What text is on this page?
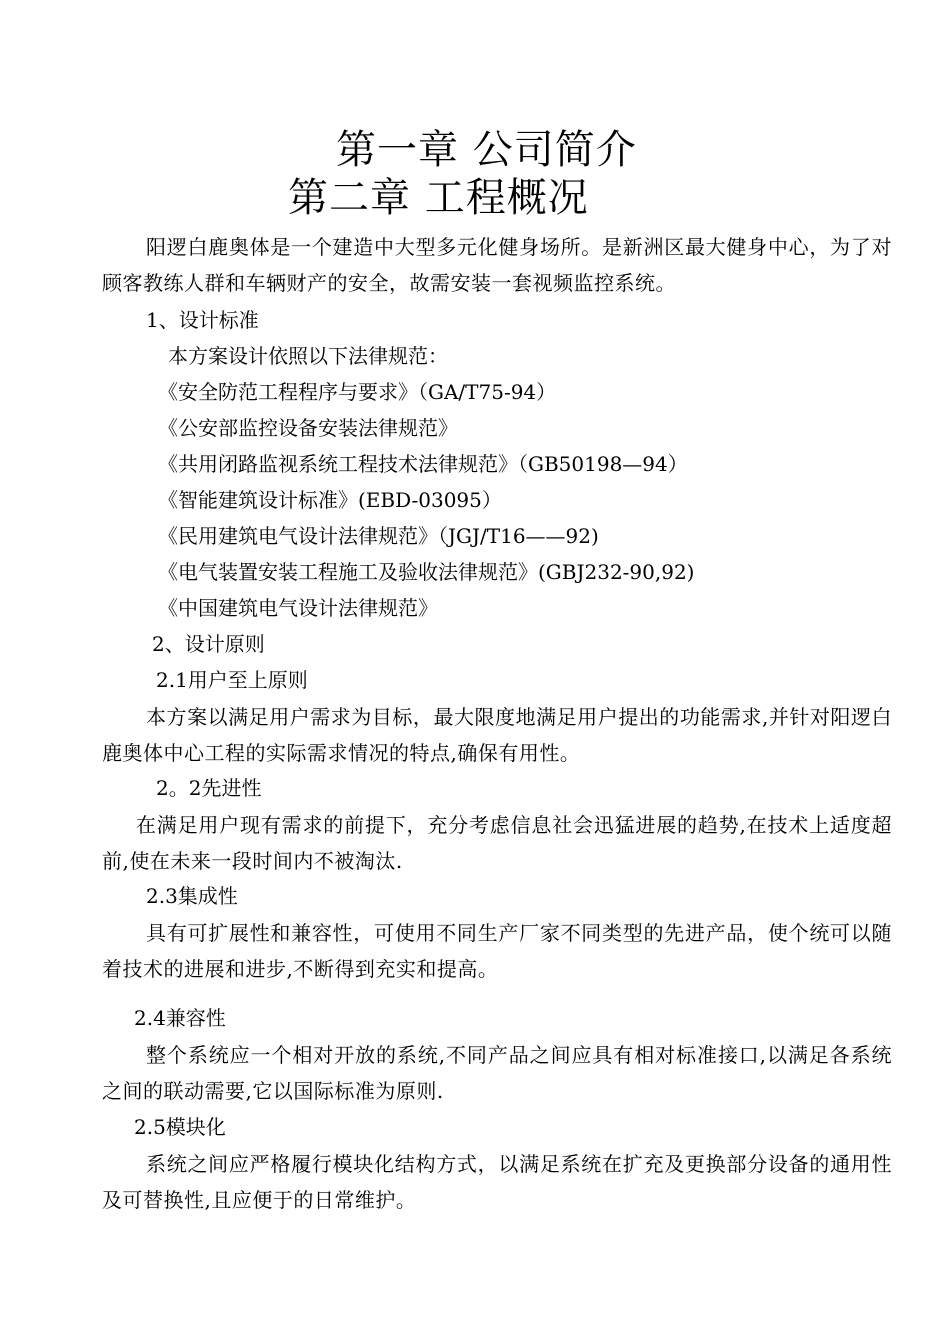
第一章 公司简介
第二章 工程概况
阳逻白鹿奥体是一个建造中大型多元化健身场所。是新洲区最大健身中心，为了对顾客教练人群和车辆财产的安全，故需安装一套视频监控系统。
1、设计标准
本方案设计依照以下法律规范：
《安全防范工程程序与要求》（GA/T75-94）
《公安部监控设备安装法律规范》
《共用闭路监视系统工程技术法律规范》（GB50198—94）
《智能建筑设计标准》(EBD-03095）
《民用建筑电气设计法律规范》（JGJ/T16——92)
《电气装置安装工程施工及验收法律规范》(GBJ232-90,92)
《中国建筑电气设计法律规范》
2、设计原则
2.1用户至上原则
本方案以满足用户需求为目标，最大限度地满足用户提出的功能需求,并针对阳逻白鹿奥体中心工程的实际需求情况的特点,确保有用性。
2。2先进性
在满足用户现有需求的前提下，充分考虑信息社会迅猛进展的趋势,在技术上适度超前,使在未来一段时间内不被淘汰.
2.3集成性
具有可扩展性和兼容性，可使用不同生产厂家不同类型的先进产品，使个统可以随着技术的进展和进步,不断得到充实和提高。
2.4兼容性
整个系统应一个相对开放的系统,不同产品之间应具有相对标准接口,以满足各系统之间的联动需要,它以国际标准为原则.
2.5模块化
系统之间应严格履行模块化结构方式，以满足系统在扩充及更换部分设备的通用性及可替换性,且应便于的日常维护。
